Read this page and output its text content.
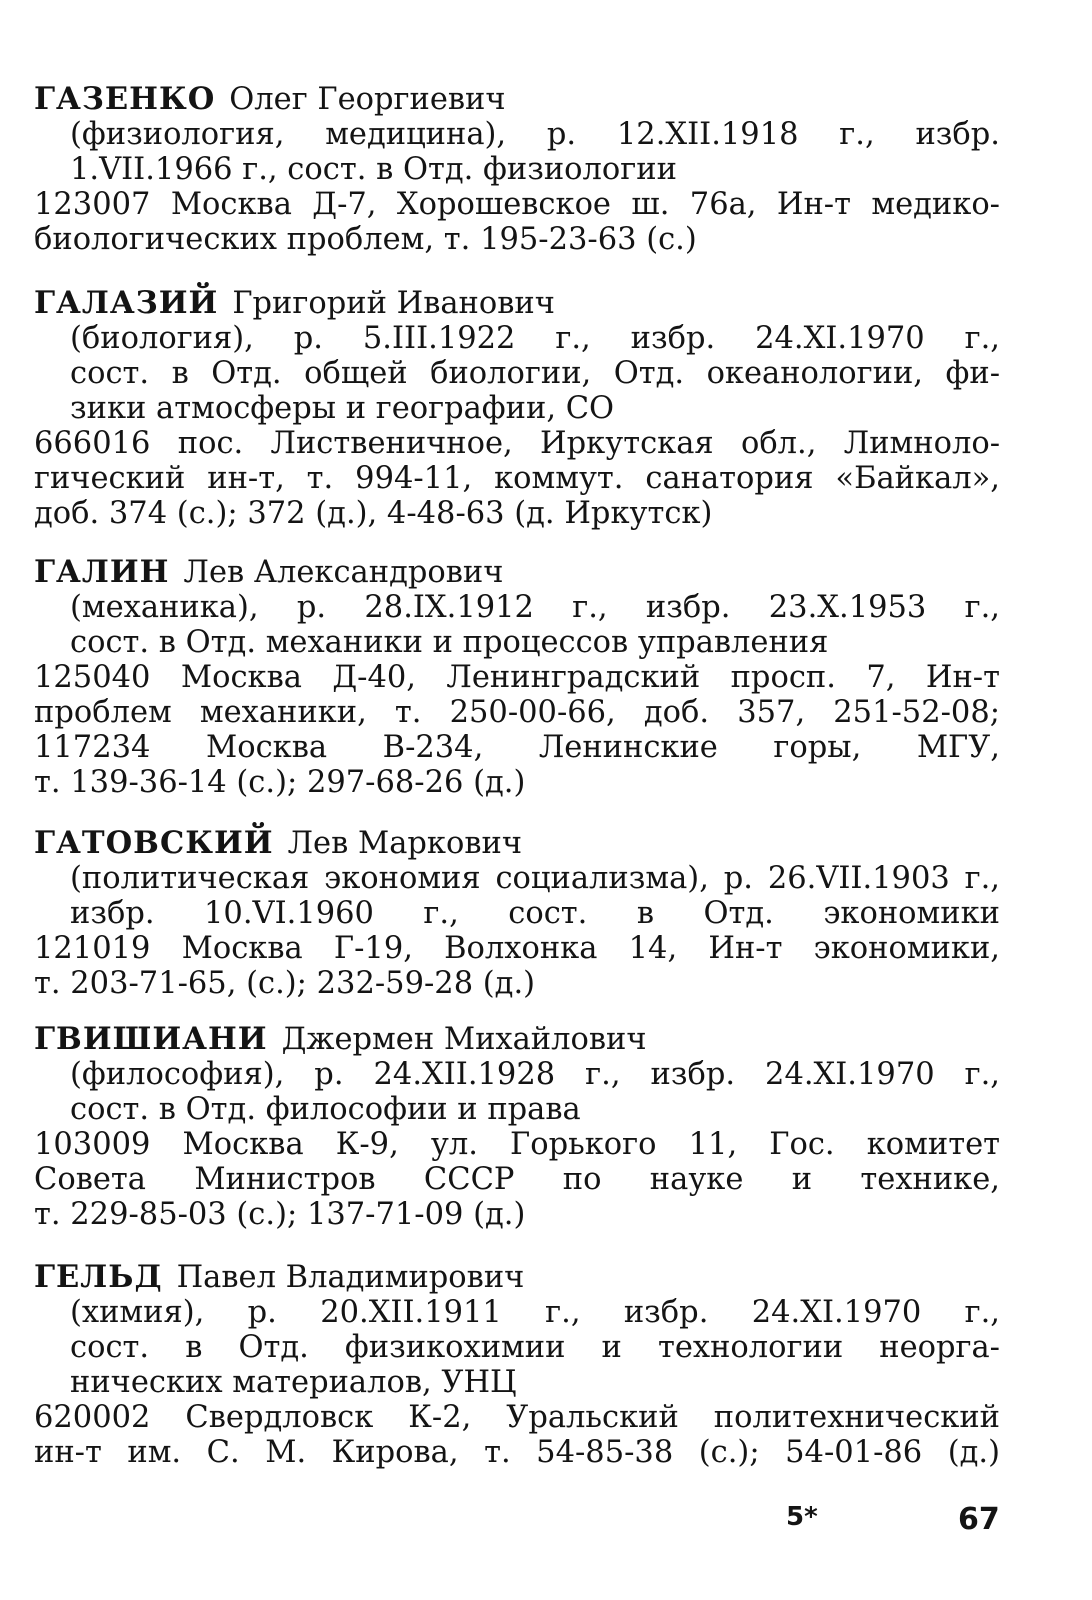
ГАЗЕНКО Олег Георгиевич
(физиология, медицина), р. 12.XII.1918 г., избр.
1.VII.1966 г., сост. в Отд. физиологии
123007 Москва Д-7, Хорошевское ш. 76а, Ин-т медико-
биологических проблем, т. 195-23-63 (с.)
ГАЛАЗИЙ Григорий Иванович
(биология), р. 5.III.1922 г., избр. 24.XI.1970 г.,
сост. в Отд. общей биологии, Отд. океанологии, фи-
зики атмосферы и географии, СО
666016 пос. Лиственичное, Иркутская обл., Лимноло-
гический ин-т, т. 994-11, коммут. санатория «Байкал»,
доб. 374 (с.); 372 (д.), 4-48-63 (д. Иркутск)
ГАЛИН Лев Александрович
(механика), р. 28.IX.1912 г., избр. 23.X.1953 г.,
сост. в Отд. механики и процессов управления
125040 Москва Д-40, Ленинградский просп. 7, Ин-т
проблем механики, т. 250-00-66, доб. 357, 251-52-08;
117234 Москва В-234, Ленинские горы, МГУ,
т. 139-36-14 (с.); 297-68-26 (д.)
ГАТОВСКИЙ Лев Маркович
(политическая экономия социализма), р. 26.VII.1903 г.,
избр. 10.VI.1960 г., сост. в Отд. экономики
121019 Москва Г-19, Волхонка 14, Ин-т экономики,
т. 203-71-65, (с.); 232-59-28 (д.)
ГВИШИАНИ Джермен Михайлович
(философия), р. 24.XII.1928 г., избр. 24.XI.1970 г.,
сост. в Отд. философии и права
103009 Москва К-9, ул. Горького 11, Гос. комитет
Совета Министров СССР по науке и технике,
т. 229-85-03 (с.); 137-71-09 (д.)
ГЕЛЬД Павел Владимирович
(химия), р. 20.XII.1911 г., избр. 24.XI.1970 г.,
сост. в Отд. физикохимии и технологии неорга-
нических материалов, УНЦ
620002 Свердловск К-2, Уральский политехнический
ин-т им. С. М. Кирова, т. 54-85-38 (с.); 54-01-86 (д.)
5*	67
